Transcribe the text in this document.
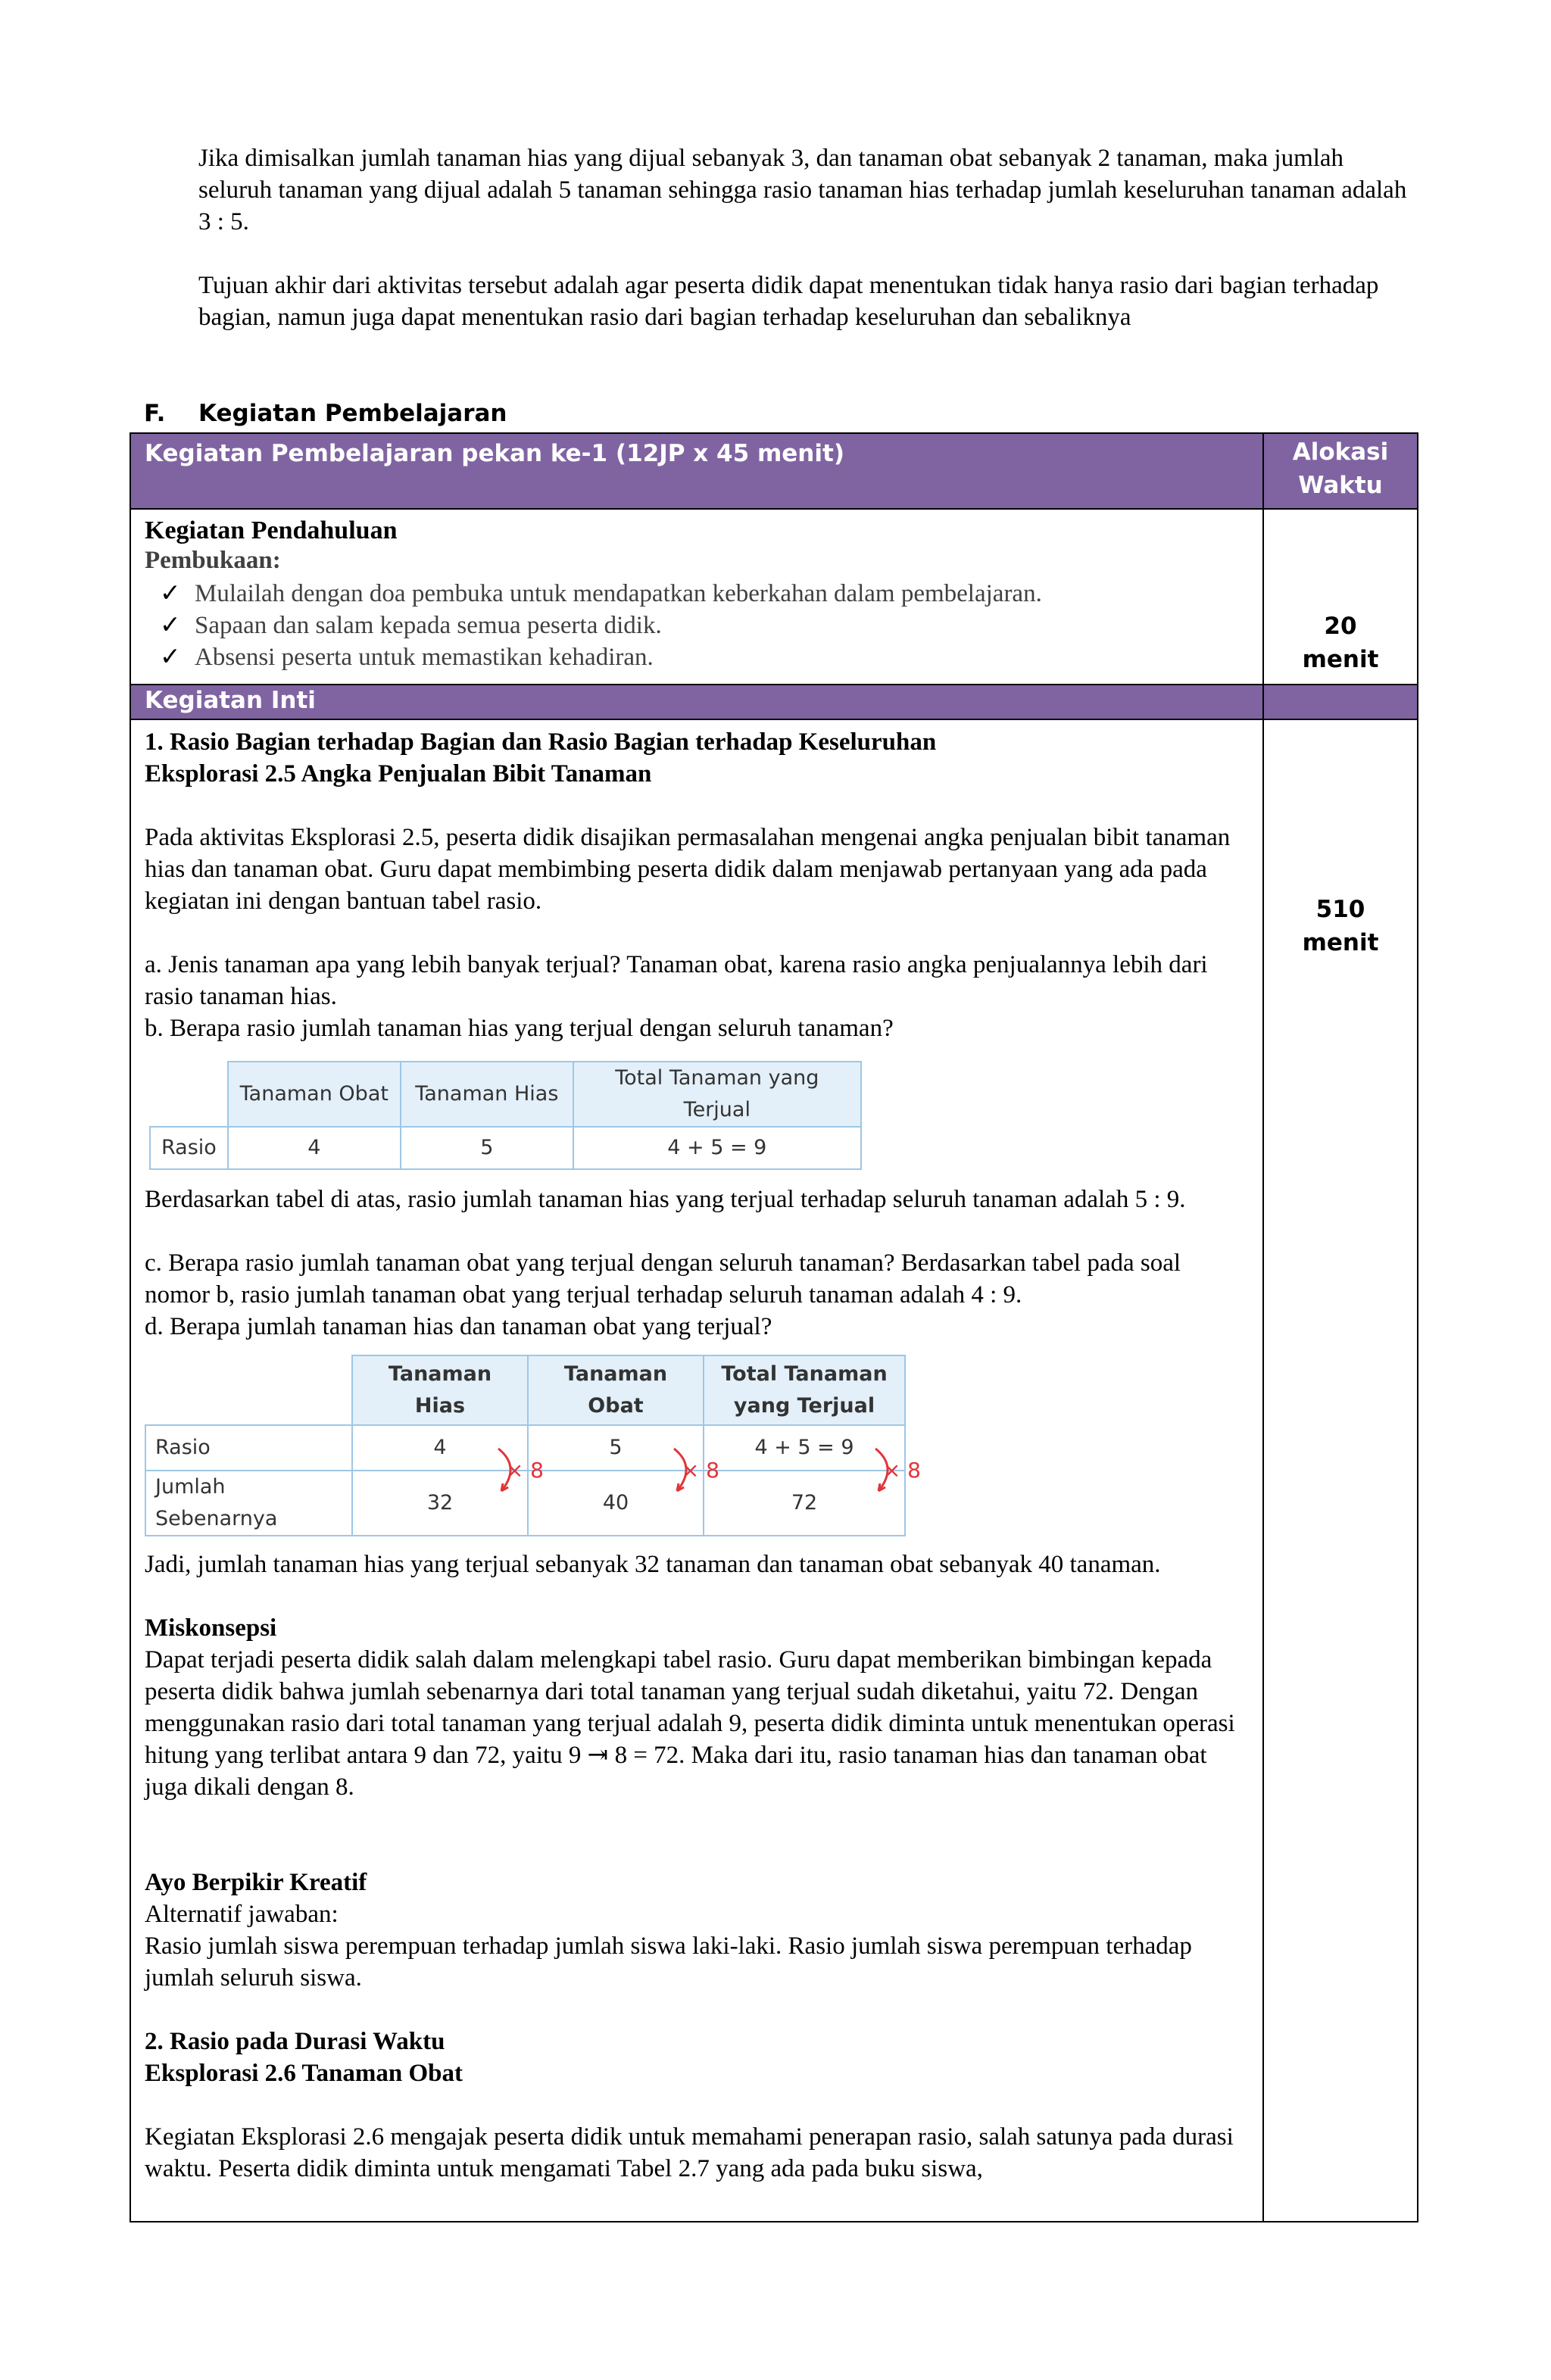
Jika dimisalkan jumlah tanaman hias yang dijual sebanyak 3, dan tanaman obat sebanyak 2 tanaman, maka jumlah seluruh tanaman yang dijual adalah 5 tanaman sehingga rasio tanaman hias terhadap jumlah keseluruhan tanaman adalah 3 : 5.

Tujuan akhir dari aktivitas tersebut adalah agar peserta didik dapat menentukan tidak hanya rasio dari bagian terhadap bagian, namun juga dapat menentukan rasio dari bagian terhadap keseluruhan dan sebaliknya

F. Kegiatan Pembelajaran
Kegiatan Pembelajaran pekan ke-1 (12JP x 45 menit)	Alokasi
Waktu

Kegiatan Pendahuluan
Pembukaan:
✓ Mulailah dengan doa pembuka untuk mendapatkan keberkahan dalam pembelajaran.
✓ Sapaan dan salam kepada semua peserta didik.
✓ Absensi peserta untuk memastikan kehadiran.

20
menit

Kegiatan Inti	

1. Rasio Bagian terhadap Bagian dan Rasio Bagian terhadap Keseluruhan

Eksplorasi 2.5 Angka Penjualan Bibit Tanaman

Pada aktivitas Eksplorasi 2.5, peserta didik disajikan permasalahan mengenai angka penjualan bibit tanaman hias dan tanaman obat. Guru dapat membimbing peserta didik dalam menjawab pertanyaan yang ada pada kegiatan ini dengan bantuan tabel rasio.

a. Jenis tanaman apa yang lebih banyak terjual? Tanaman obat, karena rasio angka penjualannya lebih dari rasio tanaman hias.

b. Berapa rasio jumlah tanaman hias yang terjual dengan seluruh tanaman?

	Tanaman Obat	Tanaman Hias	Total Tanaman yang Terjual
Rasio	4	5	4 + 5 = 9

Berdasarkan tabel di atas, rasio jumlah tanaman hias yang terjual terhadap seluruh tanaman adalah 5 : 9.

c. Berapa rasio jumlah tanaman obat yang terjual dengan seluruh tanaman? Berdasarkan tabel pada soal nomor b, rasio jumlah tanaman obat yang terjual terhadap seluruh tanaman adalah 4 : 9.

d. Berapa jumlah tanaman hias dan tanaman obat yang terjual?

Tanaman
Hias

Tanaman
Obat

Total Tanaman
yang Terjual

Rasio	4	5	4 + 5 = 9
Jumlah Sebenarnya	32
× 8
	40
× 8
	72
× 8

Jadi, jumlah tanaman hias yang terjual sebanyak 32 tanaman dan tanaman obat sebanyak 40 tanaman.

Miskonsepsi

Dapat terjadi peserta didik salah dalam melengkapi tabel rasio. Guru dapat memberikan bimbingan kepada peserta didik bahwa jumlah sebenarnya dari total tanaman yang terjual sudah diketahui, yaitu 72. Dengan menggunakan rasio dari total tanaman yang terjual adalah 9, peserta didik diminta untuk menentukan operasi hitung yang terlibat antara 9 dan 72, yaitu 9 ⇥ 8 = 72. Maka dari itu, rasio tanaman hias dan tanaman obat juga dikali dengan 8.

Ayo Berpikir Kreatif

Alternatif jawaban:

Rasio jumlah siswa perempuan terhadap jumlah siswa laki-laki. Rasio jumlah siswa perempuan terhadap jumlah seluruh siswa.

2. Rasio pada Durasi Waktu

Eksplorasi 2.6 Tanaman Obat

Kegiatan Eksplorasi 2.6 mengajak peserta didik untuk memahami penerapan rasio, salah satunya pada durasi waktu. Peserta didik diminta untuk mengamati Tabel 2.7 yang ada pada buku siswa,

510
menit
